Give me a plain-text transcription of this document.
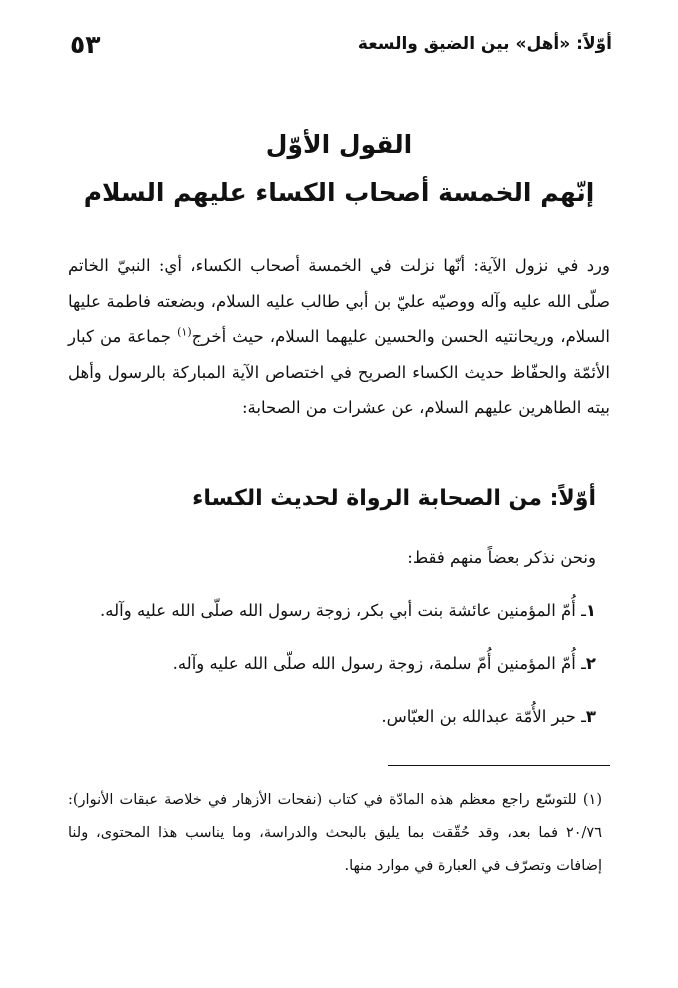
أوّلاً: «أهل» بين الضيق والسعة
٥٣
القول الأوّل
إنّهم الخمسة أصحاب الكساء عليهم السلام

ورد في نزول الآية: أنّها نزلت في الخمسة أصحاب الكساء، أي: النبيّ الخاتم صلّى الله عليه وآله ووصيّه عليّ بن أبي طالب عليه السلام، وبضعته فاطمة عليها السلام، وريحانتيه الحسن والحسين عليهما السلام، حيث أخرج$^{(١)}$ جماعة من كبار الأئمّة والحفّاظ حديث الكساء الصريح في اختصاص الآية المباركة بالرسول وأهل بيته الطاهرين عليهم السلام، عن عشرات من الصحابة:

أوّلاً: من الصحابة الرواة لحديث الكساء
ونحن نذكر بعضاً منهم فقط:
١ـ أُمّ المؤمنين عائشة بنت أبي بكر، زوجة رسول الله صلّى الله عليه وآله.
٢ـ أُمّ المؤمنين أُمّ سلمة، زوجة رسول الله صلّى الله عليه وآله.
٣ـ حبر الأُمّة عبدالله بن العبّاس.

(١) للتوسّع راجع معظم هذه المادّة في كتاب (نفحات الأزهار في خلاصة عبقات الأنوار): ٢٠/٧٦ فما بعد، وقد حُقّقت بما يليق بالبحث والدراسة، وما يناسب هذا المحتوى، ولنا إضافات وتصرّف في العبارة في موارد منها.
